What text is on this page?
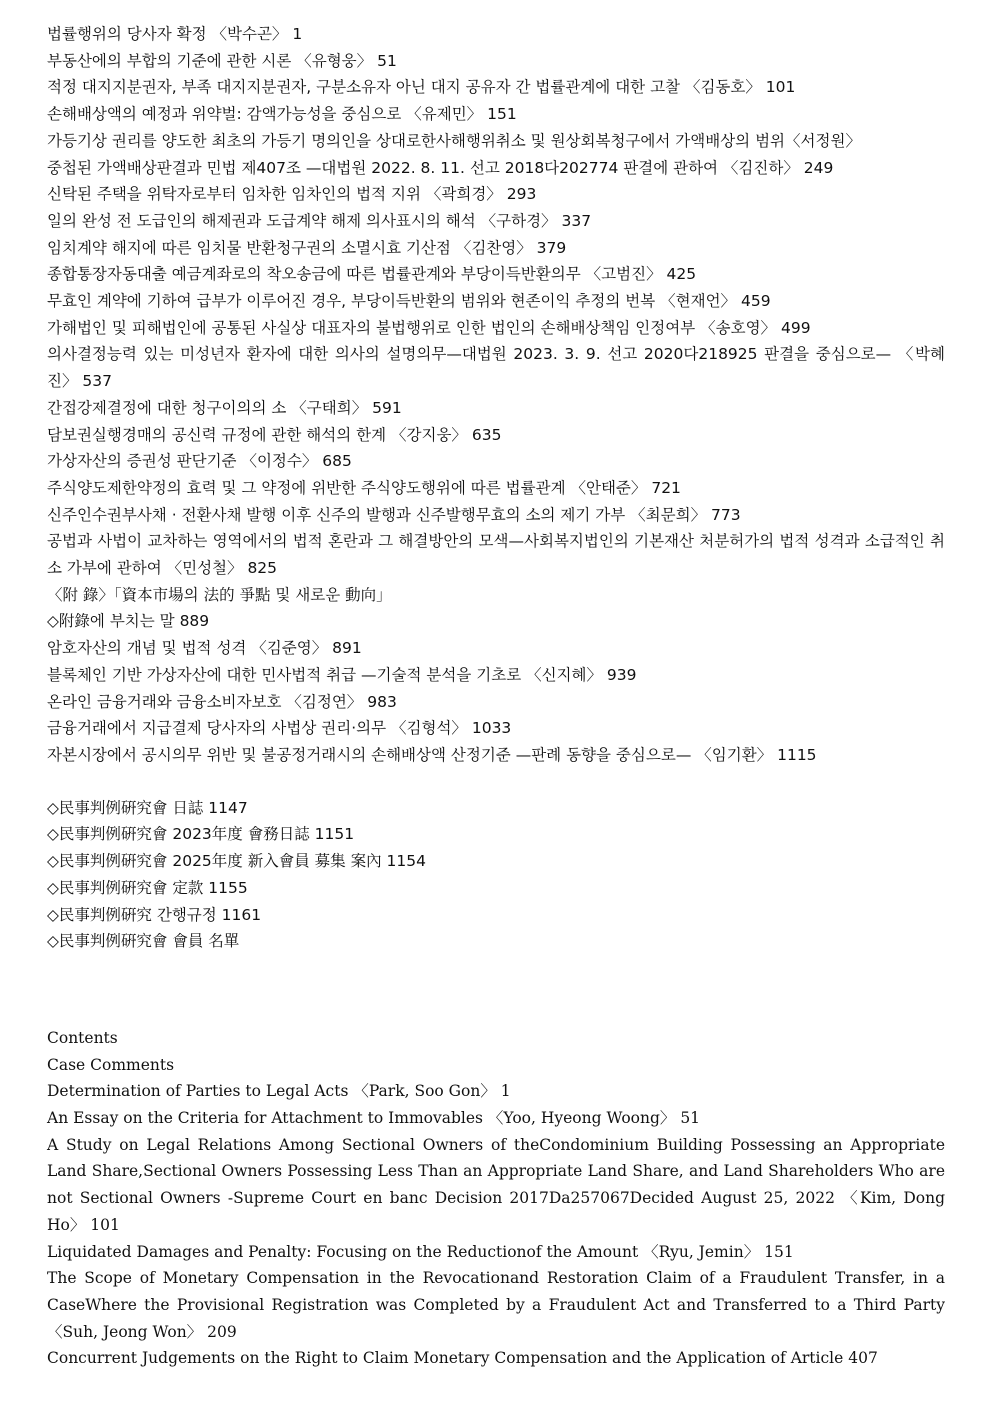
법률행위의 당사자 확정 〈박수곤〉 1
부동산에의 부합의 기준에 관한 시론 〈유형웅〉 51
적정 대지지분권자, 부족 대지지분권자, 구분소유자 아닌 대지 공유자 간 법률관계에 대한 고찰 〈김동호〉 101
손해배상액의 예정과 위약벌: 감액가능성을 중심으로 〈유제민〉 151
가등기상 권리를 양도한 최초의 가등기 명의인을 상대로한사해행위취소 및 원상회복청구에서 가액배상의 범위〈서정원〉
중첩된 가액배상판결과 민법 제407조 —대법원 2022. 8. 11. 선고 2018다202774 판결에 관하여 〈김진하〉 249
신탁된 주택을 위탁자로부터 임차한 임차인의 법적 지위 〈곽희경〉 293
일의 완성 전 도급인의 해제권과 도급계약 해제 의사표시의 해석 〈구하경〉 337
임치계약 해지에 따른 임치물 반환청구권의 소멸시효 기산점 〈김찬영〉 379
종합통장자동대출 예금계좌로의 착오송금에 따른 법률관계와 부당이득반환의무 〈고범진〉 425
무효인 계약에 기하여 급부가 이루어진 경우, 부당이득반환의 범위와 현존이익 추정의 번복 〈현재언〉 459
가해법인 및 피해법인에 공통된 사실상 대표자의 불법행위로 인한 법인의 손해배상책임 인정여부 〈송호영〉 499
의사결정능력 있는 미성년자 환자에 대한 의사의 설명의무—대법원 2023. 3. 9. 선고 2020다218925 판결을 중심으로— 〈박혜진〉 537
간접강제결정에 대한 청구이의의 소 〈구태희〉 591
담보권실행경매의 공신력 규정에 관한 해석의 한계 〈강지웅〉 635
가상자산의 증권성 판단기준 〈이정수〉 685
주식양도제한약정의 효력 및 그 약정에 위반한 주식양도행위에 따른 법률관계 〈안태준〉 721
신주인수권부사채 · 전환사채 발행 이후 신주의 발행과 신주발행무효의 소의 제기 가부 〈최문희〉 773
공법과 사법이 교차하는 영역에서의 법적 혼란과 그 해결방안의 모색—사회복지법인의 기본재산 처분허가의 법적 성격과 소급적인 취소 가부에 관하여 〈민성철〉 825
〈附 錄〉「資本市場의 法的 爭點 및 새로운 動向」
◇附錄에 부치는 말 889
암호자산의 개념 및 법적 성격 〈김준영〉 891
블록체인 기반 가상자산에 대한 민사법적 취급 —기술적 분석을 기초로 〈신지혜〉 939
온라인 금융거래와 금융소비자보호 〈김정연〉 983
금융거래에서 지급결제 당사자의 사법상 권리·의무 〈김형석〉 1033
자본시장에서 공시의무 위반 및 불공정거래시의 손해배상액 산정기준 —판례 동향을 중심으로— 〈임기환〉 1115
◇民事判例硏究會 日誌 1147
◇民事判例硏究會 2023年度 會務日誌 1151
◇民事判例硏究會 2025年度 新入會員 募集 案內 1154
◇民事判例硏究會 定款 1155
◇民事判例硏究 간행규정 1161
◇民事判例硏究會 會員 名單
Contents
Case Comments
Determination of Parties to Legal Acts 〈Park, Soo Gon〉 1
An Essay on the Criteria for Attachment to Immovables 〈Yoo, Hyeong Woong〉 51
A Study on Legal Relations Among Sectional Owners of theCondominium Building Possessing an Appropriate Land Share,Sectional Owners Possessing Less Than an Appropriate Land Share, and Land Shareholders Who are not Sectional Owners -Supreme Court en banc Decision 2017Da257067Decided August 25, 2022 〈Kim, Dong Ho〉 101
Liquidated Damages and Penalty: Focusing on the Reductionof the Amount 〈Ryu, Jemin〉 151
The Scope of Monetary Compensation in the Revocationand Restoration Claim of a Fraudulent Transfer, in a CaseWhere the Provisional Registration was Completed by a Fraudulent Act and Transferred to a Third Party 〈Suh, Jeong Won〉 209
Concurrent Judgements on the Right to Claim Monetary Compensation and the Application of Article 407
